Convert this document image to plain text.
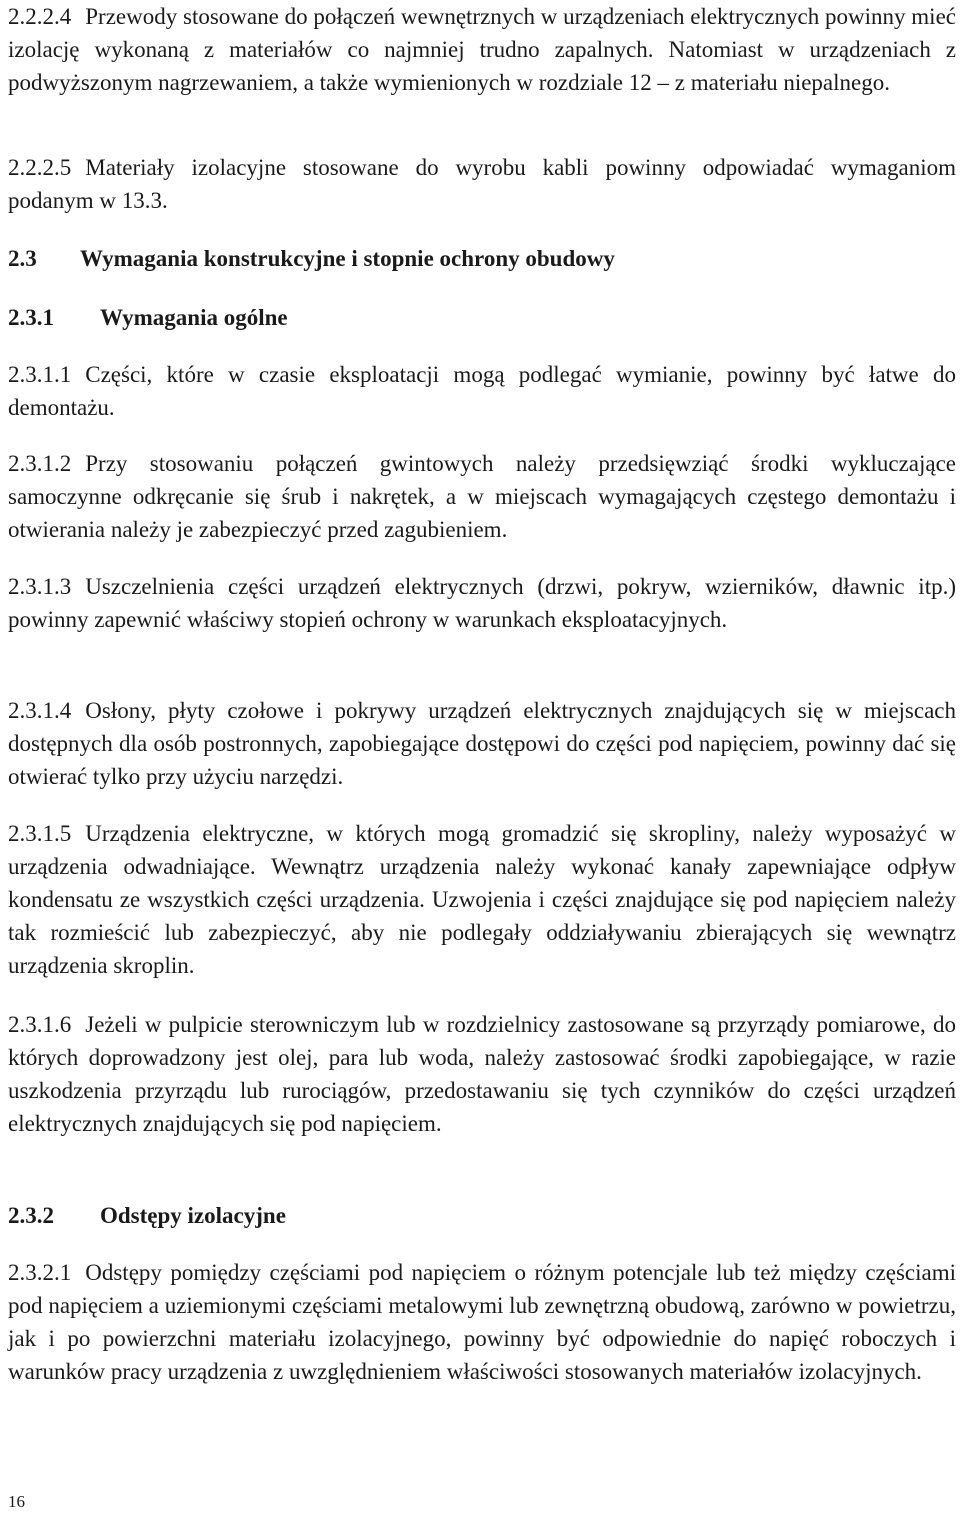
2.2.2.4 Przewody stosowane do połączeń wewnętrznych w urządzeniach elektrycznych powinny mieć izolację wykonaną z materiałów co najmniej trudno zapalnych. Natomiast w urządzeniach z podwyższonym nagrzewaniem, a także wymienionych w rozdziale 12 – z materiału niepalnego.
2.2.2.5 Materiały izolacyjne stosowane do wyrobu kabli powinny odpowiadać wymaganiom podanym w 13.3.
2.3 Wymagania konstrukcyjne i stopnie ochrony obudowy
2.3.1 Wymagania ogólne
2.3.1.1 Części, które w czasie eksploatacji mogą podlegać wymianie, powinny być łatwe do demontażu.
2.3.1.2 Przy stosowaniu połączeń gwintowych należy przedsięwziąć środki wykluczające samoczynne odkręcanie się śrub i nakrętek, a w miejscach wymagających częstego demontażu i otwierania należy je zabezpieczyć przed zagubieniem.
2.3.1.3 Uszczelnienia części urządzeń elektrycznych (drzwi, pokryw, wzierników, dławnic itp.) powinny zapewnić właściwy stopień ochrony w warunkach eksploatacyjnych.
2.3.1.4 Osłony, płyty czołowe i pokrywy urządzeń elektrycznych znajdujących się w miejscach dostępnych dla osób postronnych, zapobiegające dostępowi do części pod napięciem, powinny dać się otwierać tylko przy użyciu narzędzi.
2.3.1.5 Urządzenia elektryczne, w których mogą gromadzić się skropliny, należy wyposażyć w urządzenia odwadniające. Wewnątrz urządzenia należy wykonać kanały zapewniające odpływ kondensatu ze wszystkich części urządzenia. Uzwojenia i części znajdujące się pod napięciem należy tak rozmieścić lub zabezpieczyć, aby nie podlegały oddziaływaniu zbierających się wewnątrz urządzenia skroplin.
2.3.1.6 Jeżeli w pulpicie sterowniczym lub w rozdzielnicy zastosowane są przyrządy pomiarowe, do których doprowadzony jest olej, para lub woda, należy zastosować środki zapobiegające, w razie uszkodzenia przyrządu lub rurociągów, przedostawaniu się tych czynników do części urządzeń elektrycznych znajdujących się pod napięciem.
2.3.2 Odstępy izolacyjne
2.3.2.1 Odstępy pomiędzy częściami pod napięciem o różnym potencjale lub też między częściami pod napięciem a uziemionymi częściami metalowymi lub zewnętrzną obudową, zarówno w powietrzu, jak i po powierzchni materiału izolacyjnego, powinny być odpowiednie do napięć roboczych i warunków pracy urządzenia z uwzględnieniem właściwości stosowanych materiałów izolacyjnych.
16
